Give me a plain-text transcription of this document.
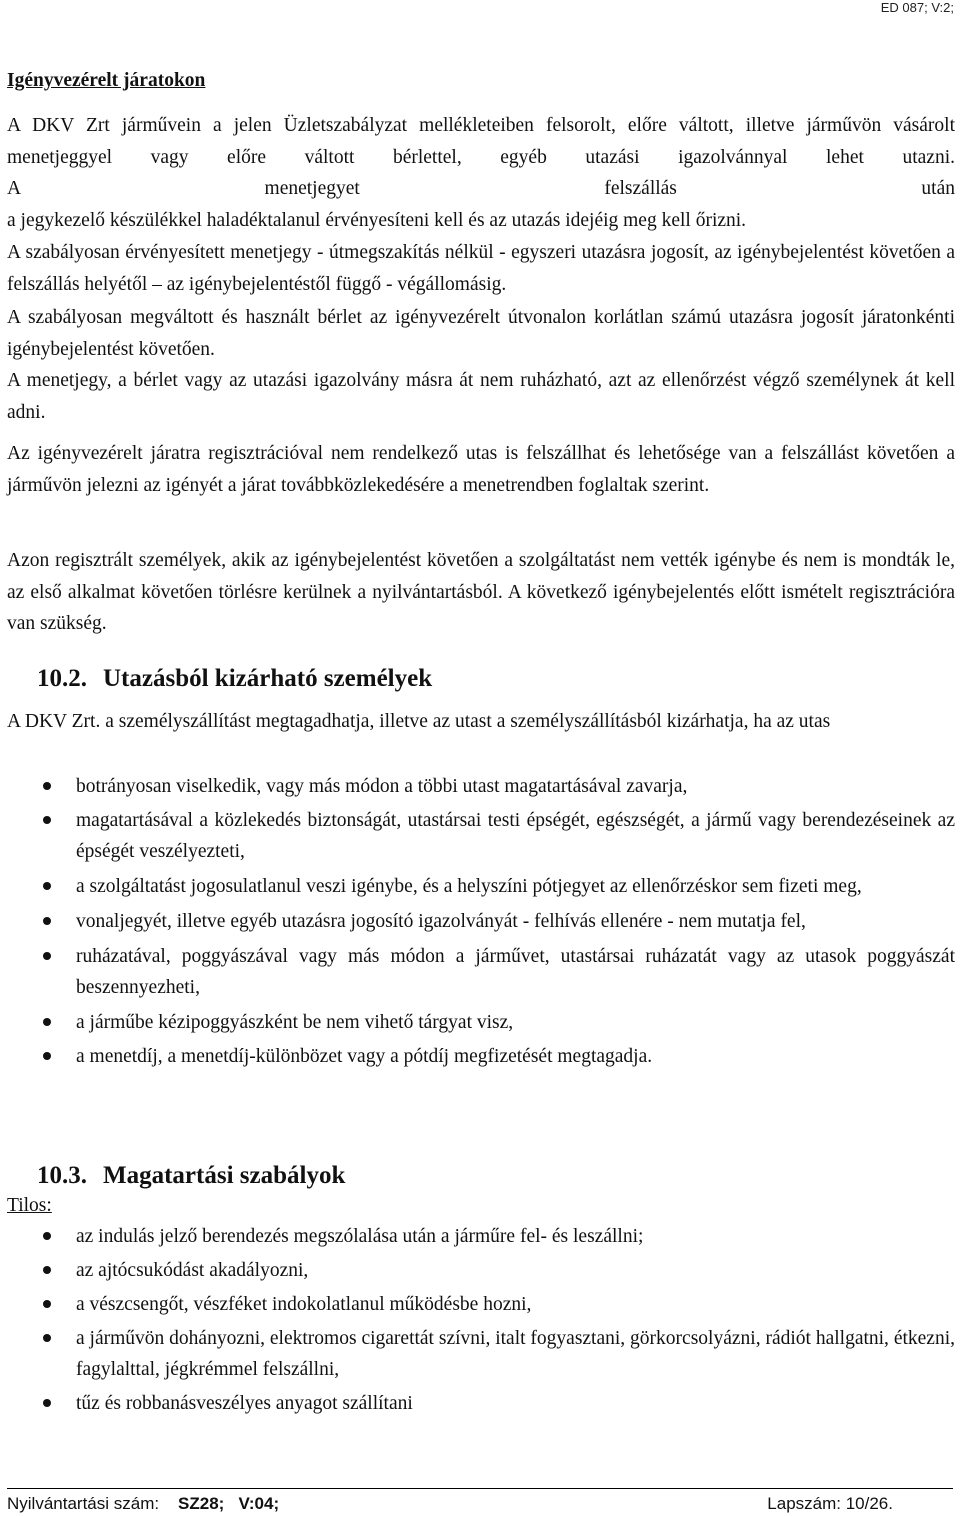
ED 087; V:2;
Igényvezérelt járatokon

A DKV Zrt járművein a jelen Üzletszabályzat mellékleteiben felsorolt, előre váltott, illetve járművön vásárolt menetjeggyel vagy előre váltott bérlettel, egyéb utazási igazolvánnyal lehet utazni.

A menetjegyet felszállás után

a jegykezelő készülékkel haladéktalanul érvényesíteni kell és az utazás idejéig meg kell őrizni.

A szabályosan érvényesített menetjegy - útmegszakítás nélkül - egyszeri utazásra jogosít, az igénybejelentést követően a felszállás helyétől – az igénybejelentéstől függő - végállomásig.

A szabályosan megváltott és használt bérlet az igényvezérelt útvonalon korlátlan számú utazásra jogosít járatonkénti igénybejelentést követően.

A menetjegy, a bérlet vagy az utazási igazolvány másra át nem ruházható, azt az ellenőrzést végző személynek át kell adni.

Az igényvezérelt járatra regisztrációval nem rendelkező utas is felszállhat és lehetősége van a felszállást követően a járművön jelezni az igényét a járat továbbközlekedésére a menetrendben foglaltak szerint.

Azon regisztrált személyek, akik az igénybejelentést követően a szolgáltatást nem vették igénybe és nem is mondták le, az első alkalmat követően törlésre kerülnek a nyilvántartásból. A következő igénybejelentés előtt ismételt regisztrációra van szükség.

10.2. Utazásból kizárható személyek

A DKV Zrt. a személyszállítást megtagadhatja, illetve az utast a személyszállításból kizárhatja, ha az utas

botrányosan viselkedik, vagy más módon a többi utast magatartásával zavarja,
magatartásával a közlekedés biztonságát, utastársai testi épségét, egészségét, a jármű vagy berendezéseinek az épségét veszélyezteti,
a szolgáltatást jogosulatlanul veszi igénybe, és a helyszíni pótjegyet az ellenőrzéskor sem fizeti meg,
vonaljegyét, illetve egyéb utazásra jogosító igazolványát - felhívás ellenére - nem mutatja fel,
ruházatával, poggyászával vagy más módon a járművet, utastársai ruházatát vagy az utasok poggyászát beszennyezheti,
a járműbe kézipoggyászként be nem vihető tárgyat visz,
a menetdíj, a menetdíj-különbözet vagy a pótdíj megfizetését megtagadja.
10.3. Magatartási szabályok
Tilos:
az indulás jelző berendezés megszólalása után a járműre fel- és leszállni;
az ajtócsukódást akadályozni,
a vészcsengőt, vészféket indokolatlanul működésbe hozni,
a járművön dohányozni, elektromos cigarettát szívni, italt fogyasztani, görkorcsolyázni, rádiót hallgatni, étkezni, fagylalttal, jégkrémmel felszállni,
tűz és robbanásveszélyes anyagot szállítani
Nyilvántartási szám: SZ28; V:04;	Lapszám: 10/26.
